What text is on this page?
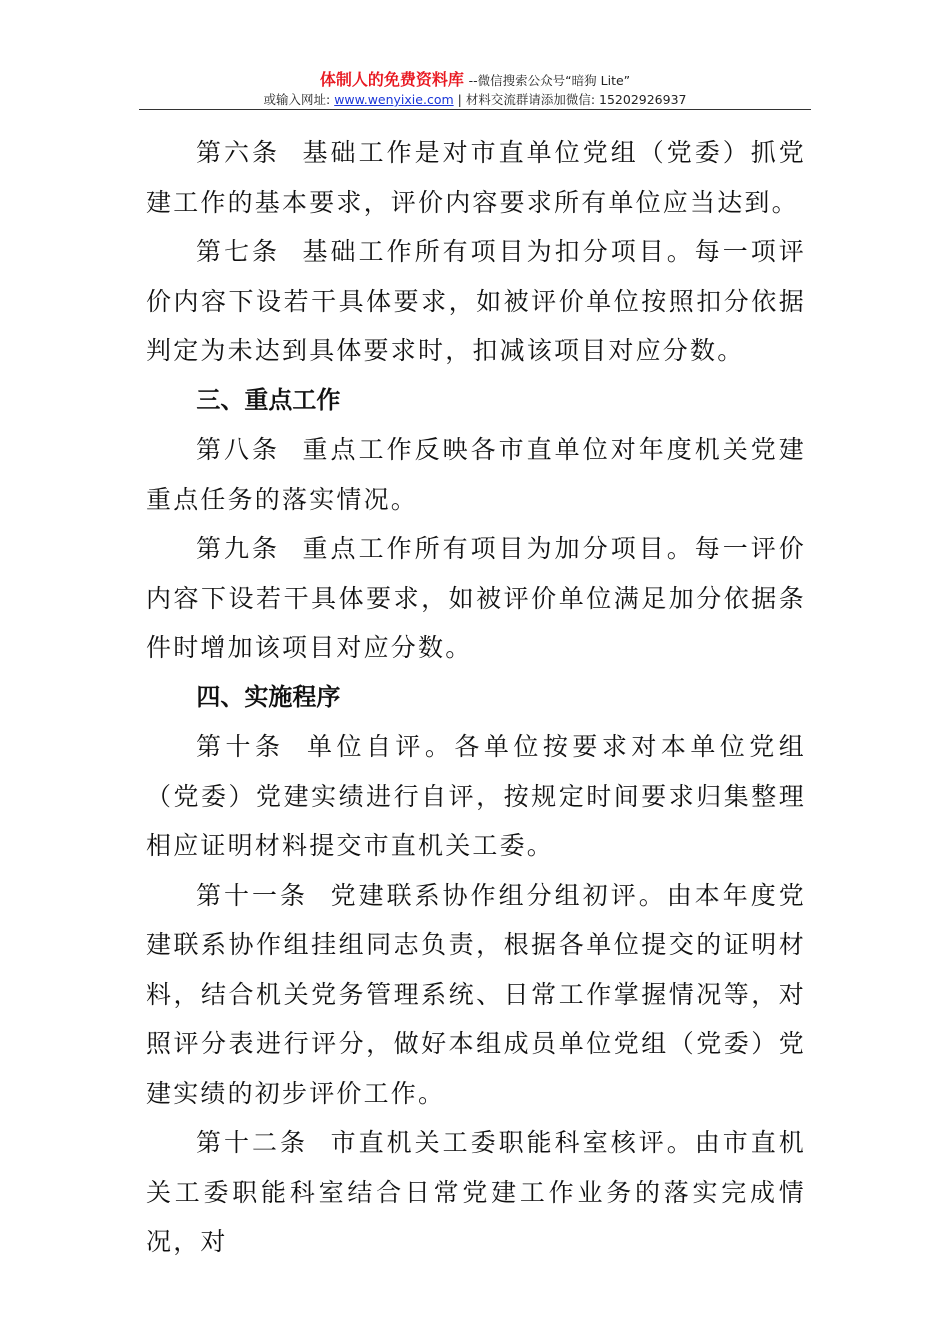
体制人的免费资料库 --微信搜索公众号“暗狗 Lite”
或输入网址: www.wenyixie.com | 材料交流群请添加微信: 15202926937

第六条 基础工作是对市直单位党组（党委）抓党建工作的基本要求，评价内容要求所有单位应当达到。

第七条 基础工作所有项目为扣分项目。每一项评价内容下设若干具体要求，如被评价单位按照扣分依据判定为未达到具体要求时，扣减该项目对应分数。

三、重点工作

第八条 重点工作反映各市直单位对年度机关党建重点任务的落实情况。

第九条 重点工作所有项目为加分项目。每一评价内容下设若干具体要求，如被评价单位满足加分依据条件时增加该项目对应分数。

四、实施程序

第十条 单位自评。各单位按要求对本单位党组（党委）党建实绩进行自评，按规定时间要求归集整理相应证明材料提交市直机关工委。

第十一条 党建联系协作组分组初评。由本年度党建联系协作组挂组同志负责，根据各单位提交的证明材料，结合机关党务管理系统、日常工作掌握情况等，对照评分表进行评分，做好本组成员单位党组（党委）党建实绩的初步评价工作。

第十二条 市直机关工委职能科室核评。由市直机关工委职能科室结合日常党建工作业务的落实完成情况，对
